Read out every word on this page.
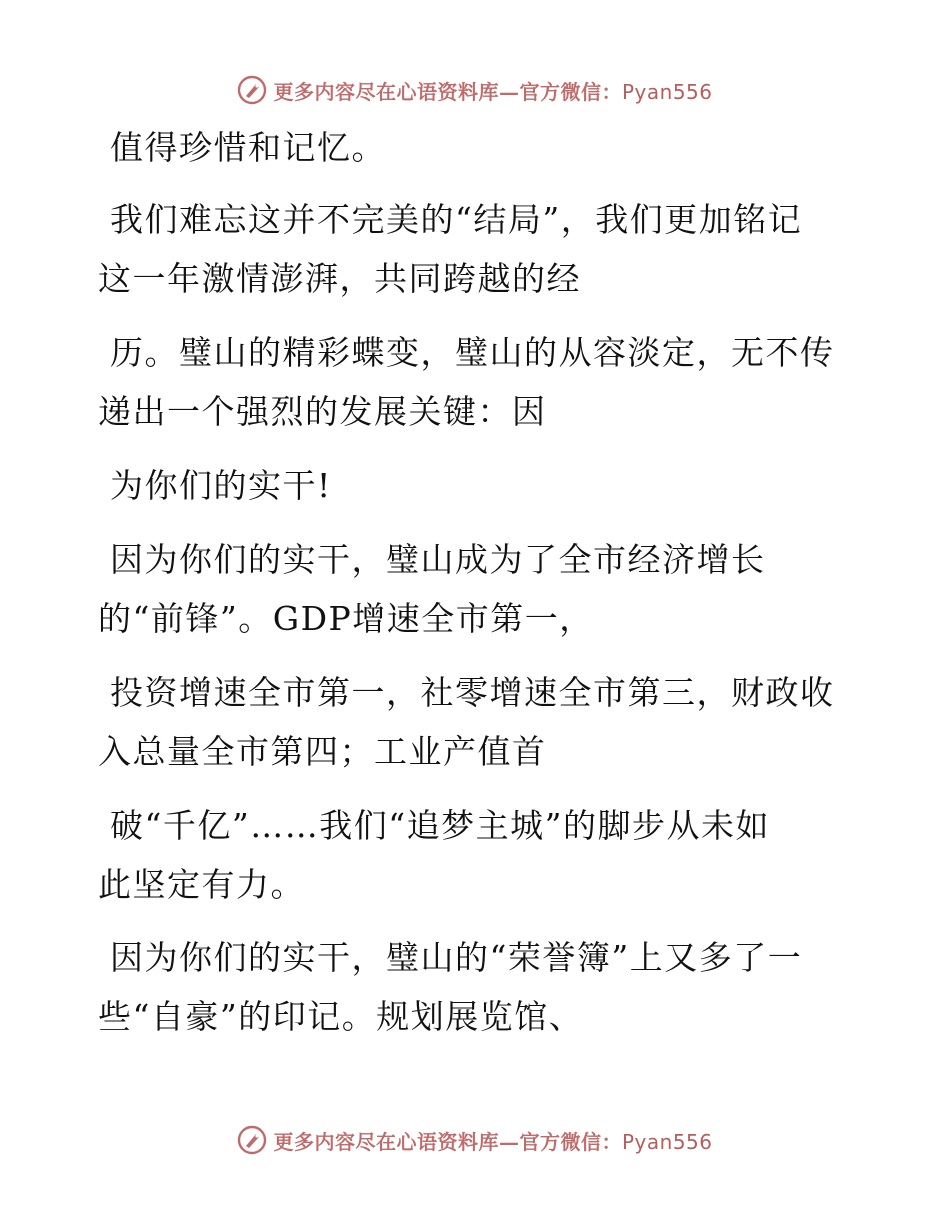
更多内容尽在心语资料库—官方微信：Pyan556
值得珍惜和记忆。
我们难忘这并不完美的“结局”，我们更加铭记
这一年激情澎湃，共同跨越的经
历。璧山的精彩蝶变，璧山的从容淡定，无不传
递出一个强烈的发展关键：因
为你们的实干!
因为你们的实干，璧山成为了全市经济增长
的“前锋”。GDP增速全市第一，
投资增速全市第一，社零增速全市第三，财政收
入总量全市第四；工业产值首
破“千亿”……我们“追梦主城”的脚步从未如
此坚定有力。
因为你们的实干，璧山的“荣誉簿”上又多了一
些“自豪”的印记。规划展览馆、
更多内容尽在心语资料库—官方微信：Pyan556
